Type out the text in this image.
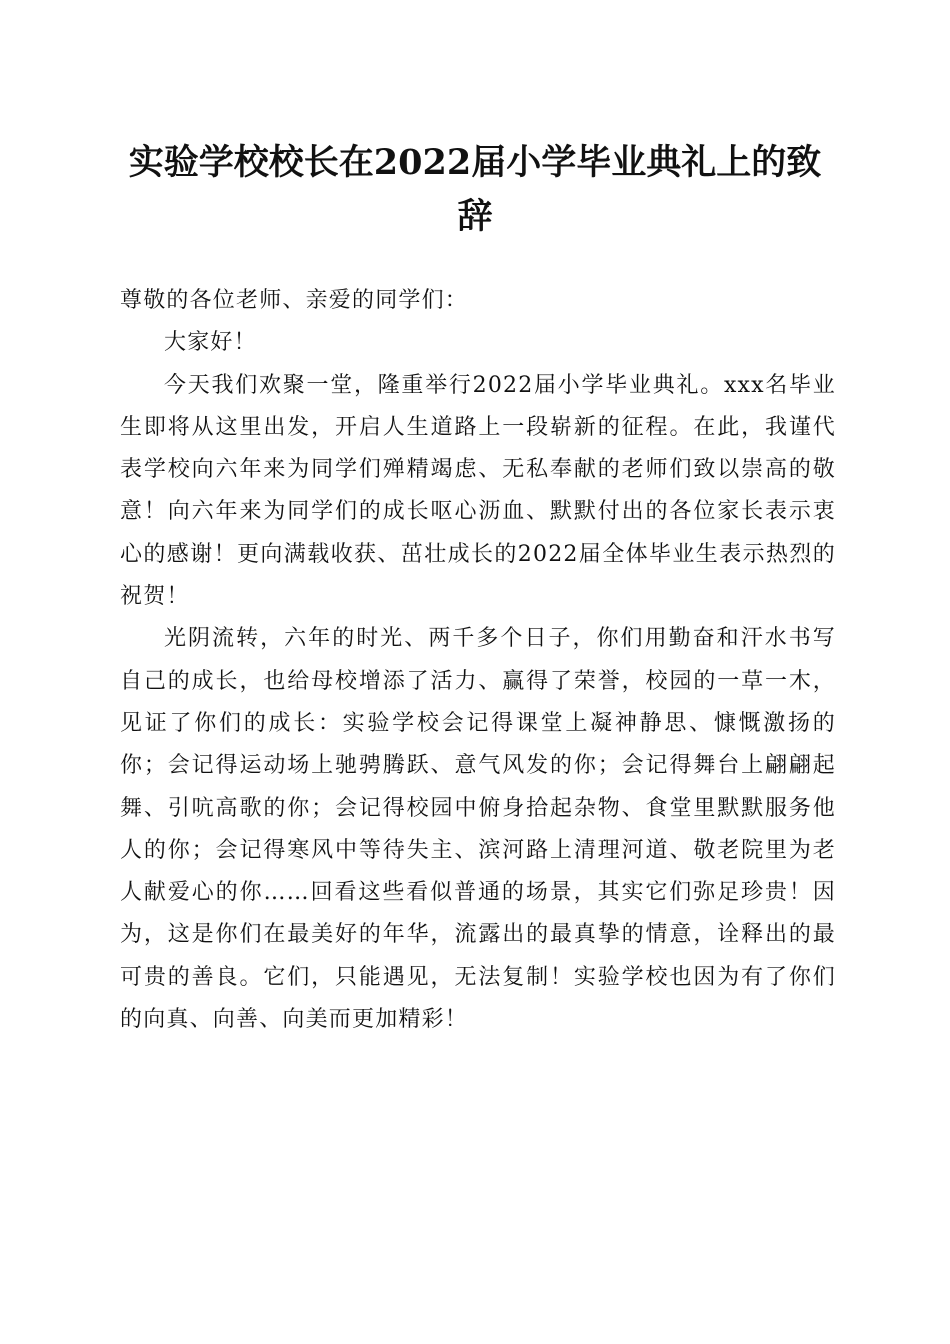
实验学校校长在2022届小学毕业典礼上的致辞

尊敬的各位老师、亲爱的同学们：

大家好！

今天我们欢聚一堂，隆重举行2022届小学毕业典礼。xxx名毕业生即将从这里出发，开启人生道路上一段崭新的征程。在此，我谨代表学校向六年来为同学们殚精竭虑、无私奉献的老师们致以崇高的敬意！向六年来为同学们的成长呕心沥血、默默付出的各位家长表示衷心的感谢！更向满载收获、茁壮成长的2022届全体毕业生表示热烈的祝贺！

光阴流转，六年的时光、两千多个日子，你们用勤奋和汗水书写自己的成长，也给母校增添了活力、赢得了荣誉，校园的一草一木，见证了你们的成长：实验学校会记得课堂上凝神静思、慷慨激扬的你；会记得运动场上驰骋腾跃、意气风发的你；会记得舞台上翩翩起舞、引吭高歌的你；会记得校园中俯身拾起杂物、食堂里默默服务他人的你；会记得寒风中等待失主、滨河路上清理河道、敬老院里为老人献爱心的你……回看这些看似普通的场景，其实它们弥足珍贵！因为，这是你们在最美好的年华，流露出的最真挚的情意，诠释出的最可贵的善良。它们，只能遇见，无法复制！实验学校也因为有了你们的向真、向善、向美而更加精彩！
